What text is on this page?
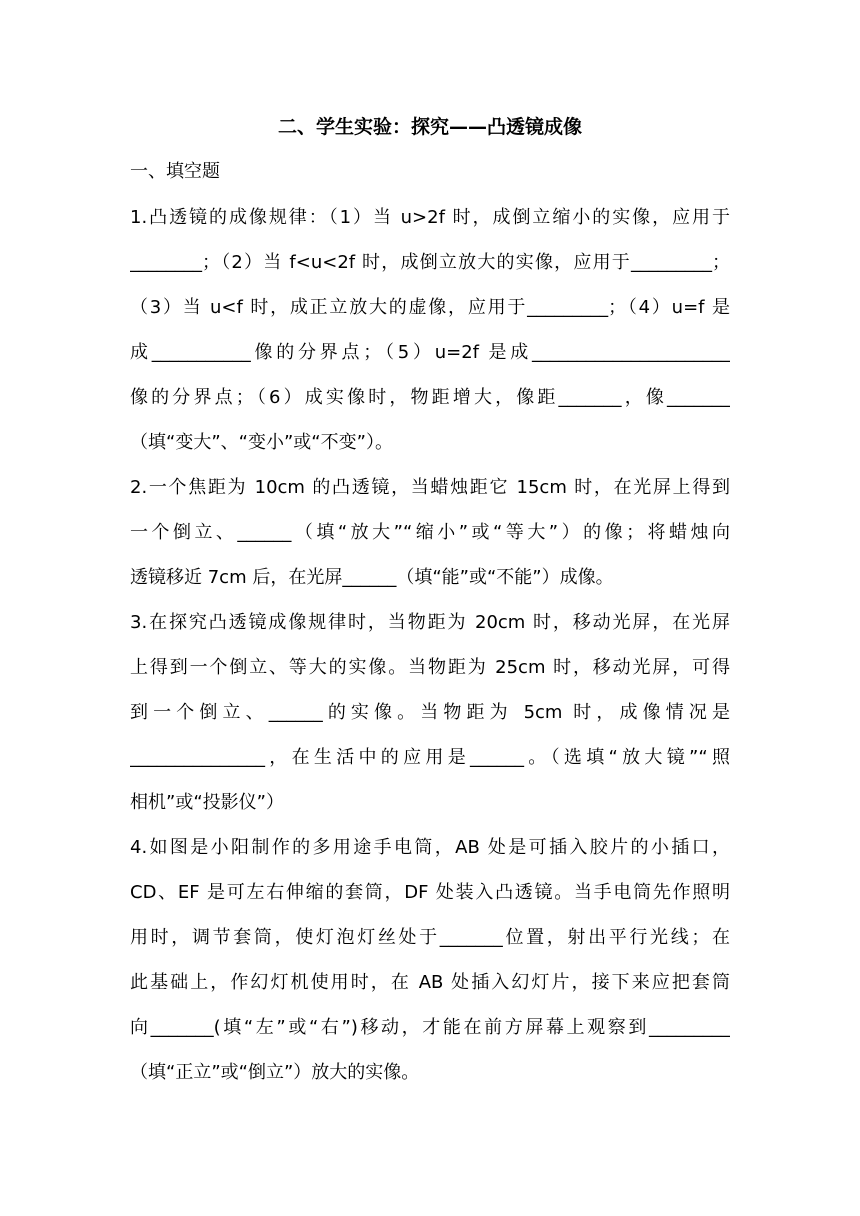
二、学生实验：探究——凸透镜成像
一、填空题
1.凸透镜的成像规律：（1）当 u>2f 时，成倒立缩小的实像，应用于
________；（2）当 f<u<2f 时，成倒立放大的实像，应用于_________；
（3）当 u<f 时，成正立放大的虚像，应用于_________；（4）u=f 是
成___________像的分界点；（5）u=2f 是成______________________
像的分界点；（6）成实像时，物距增大，像距_______，像_______
（填“变大”、“变小”或“不变”）。
2.一个焦距为 10cm 的凸透镜，当蜡烛距它 15cm 时，在光屏上得到
一个倒立、______（填“放大”“缩小”或“等大”）的像；将蜡烛向
透镜移近 7cm 后，在光屏______（填“能”或“不能”）成像。
3.在探究凸透镜成像规律时，当物距为 20cm 时，移动光屏，在光屏
上得到一个倒立、等大的实像。当物距为 25cm 时，移动光屏，可得
到一个倒立、______的实像。当物距为 5cm 时，成像情况是
_______________，在生活中的应用是______。（选填“放大镜”“照
相机”或“投影仪”）
4.如图是小阳制作的多用途手电筒，AB 处是可插入胶片的小插口，
CD、EF 是可左右伸缩的套筒，DF 处装入凸透镜。当手电筒先作照明
用时，调节套筒，使灯泡灯丝处于_______位置，射出平行光线；在
此基础上，作幻灯机使用时，在 AB 处插入幻灯片，接下来应把套筒
向_______(填“左”或“右”)移动，才能在前方屏幕上观察到_________
（填“正立”或“倒立”）放大的实像。
